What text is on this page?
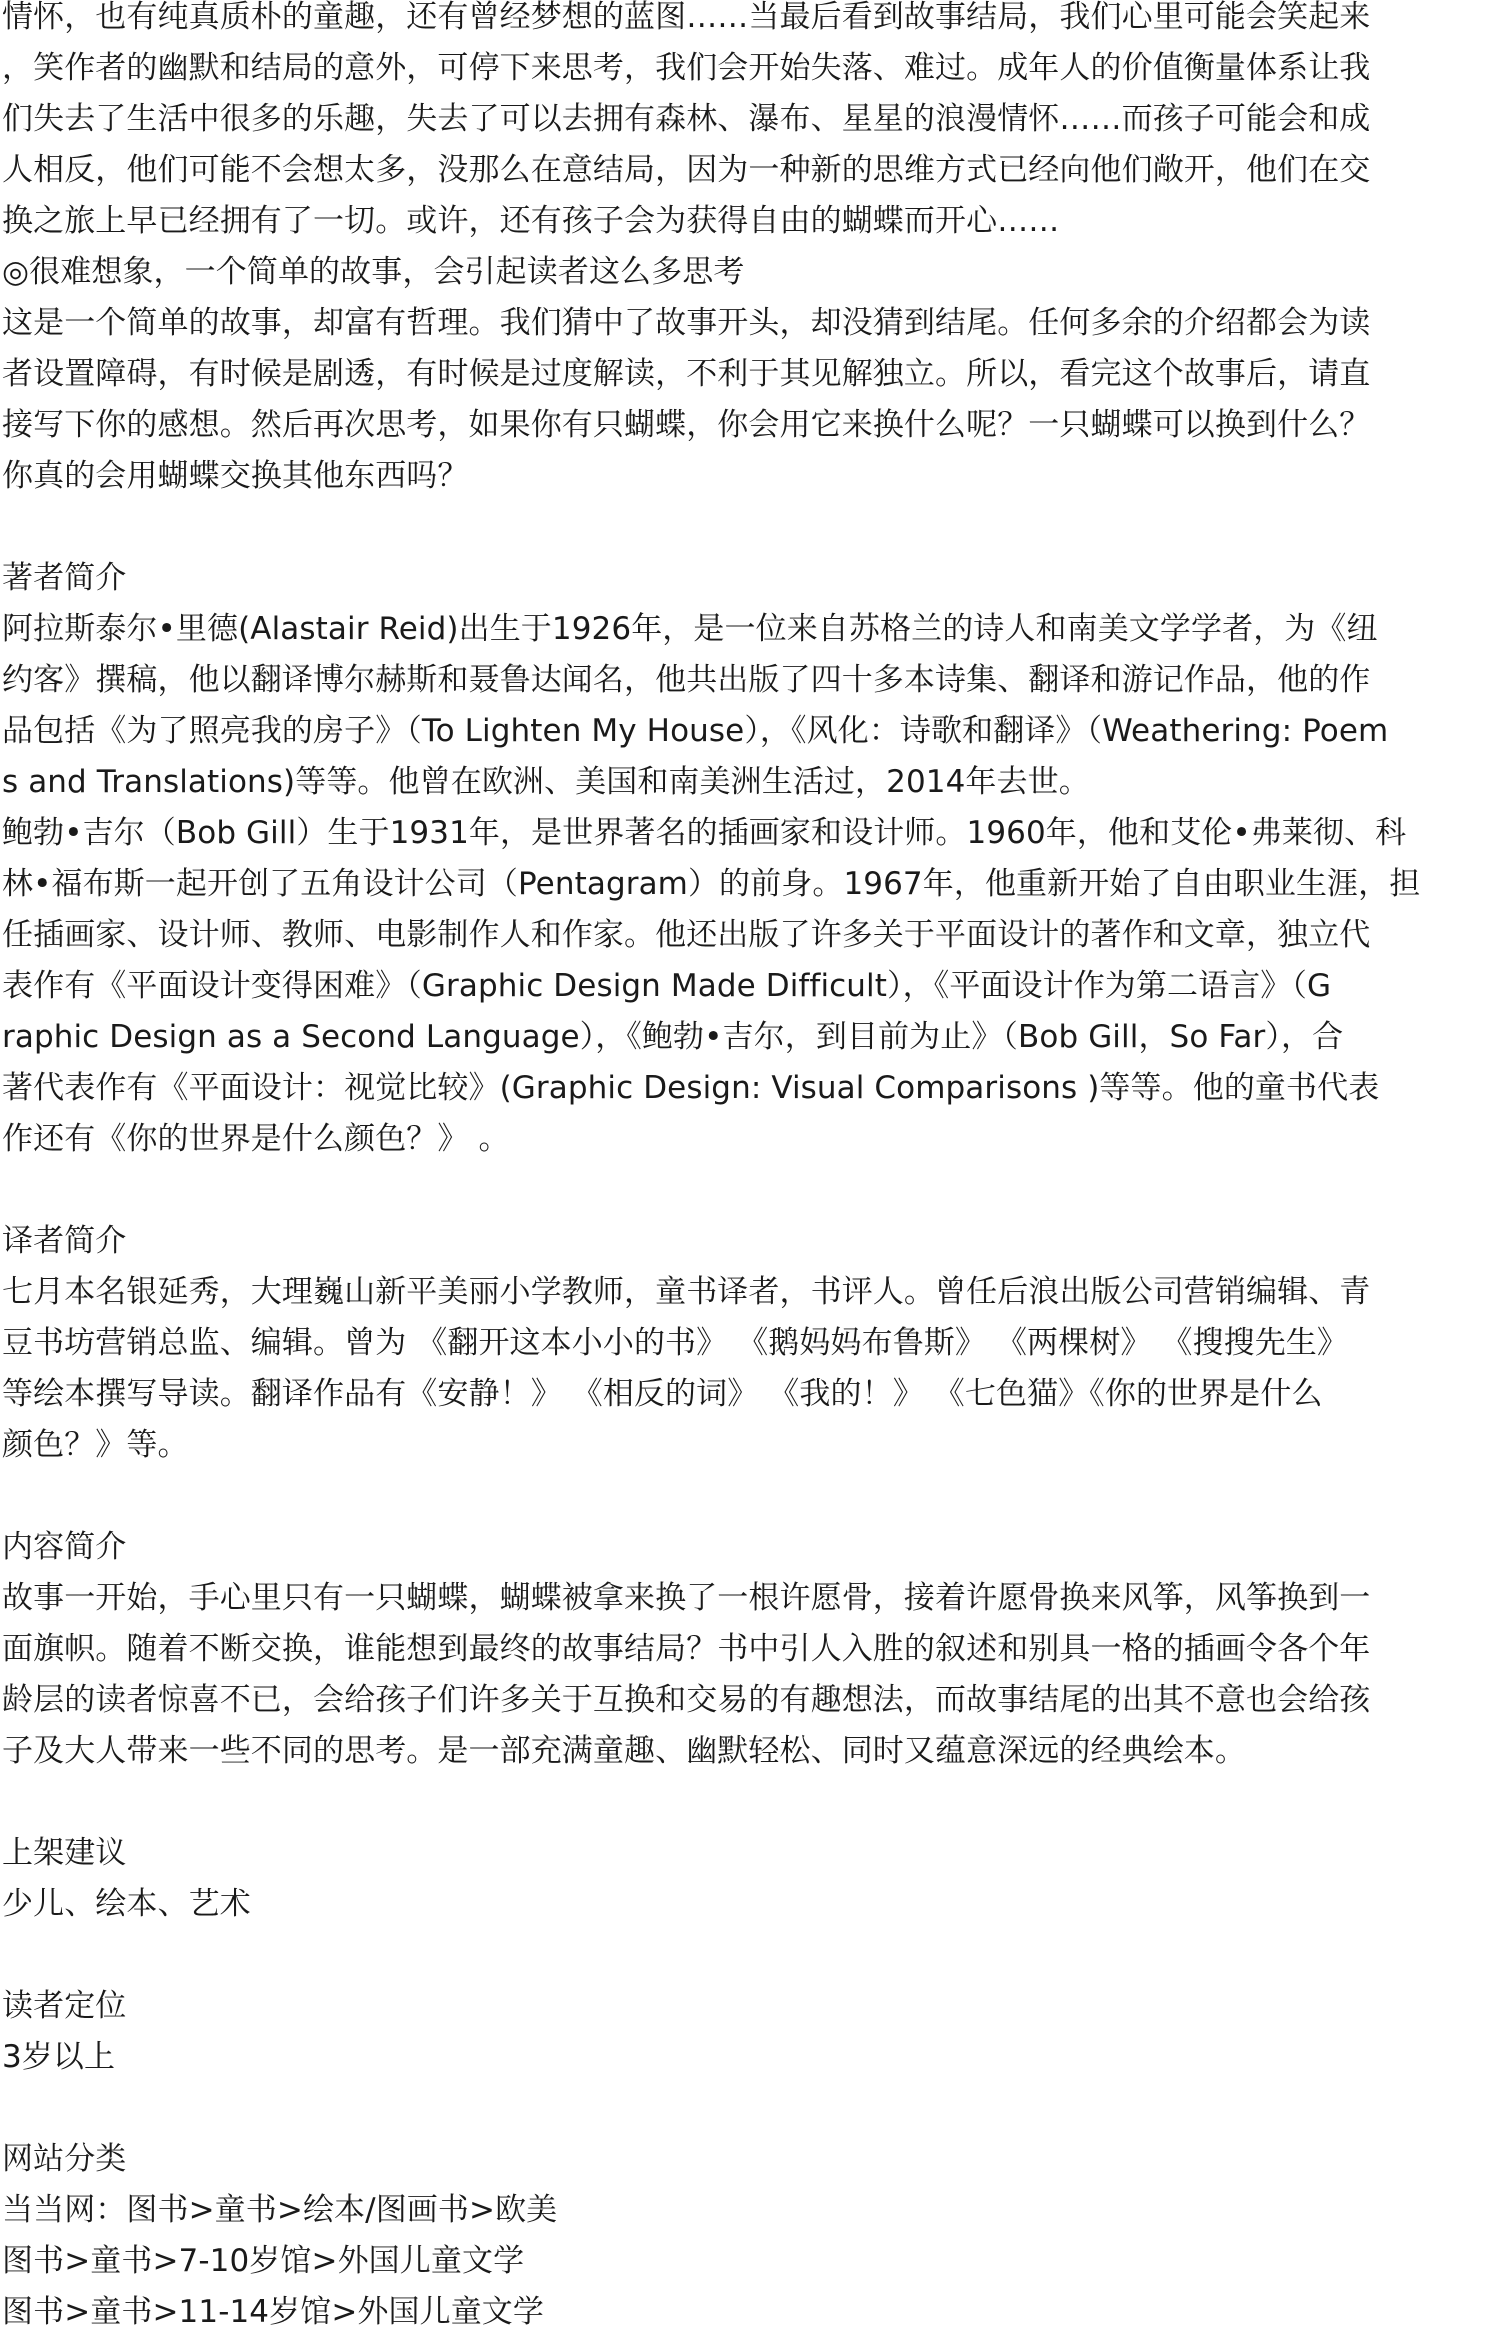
情怀，也有纯真质朴的童趣，还有曾经梦想的蓝图……当最后看到故事结局，我们心里可能会笑起来
，笑作者的幽默和结局的意外，可停下来思考，我们会开始失落、难过。成年人的价值衡量体系让我
们失去了生活中很多的乐趣，失去了可以去拥有森林、瀑布、星星的浪漫情怀……而孩子可能会和成
人相反，他们可能不会想太多，没那么在意结局，因为一种新的思维方式已经向他们敞开，他们在交
换之旅上早已经拥有了一切。或许，还有孩子会为获得自由的蝴蝶而开心……
◎很难想象，一个简单的故事，会引起读者这么多思考
这是一个简单的故事，却富有哲理。我们猜中了故事开头，却没猜到结尾。任何多余的介绍都会为读
者设置障碍，有时候是剧透，有时候是过度解读，不利于其见解独立。所以，看完这个故事后，请直
接写下你的感想。然后再次思考，如果你有只蝴蝶，你会用它来换什么呢？一只蝴蝶可以换到什么？
你真的会用蝴蝶交换其他东西吗？
著者简介
阿拉斯泰尔•里德(Alastair Reid)出生于1926年，是一位来自苏格兰的诗人和南美文学学者，为《纽
约客》撰稿，他以翻译博尔赫斯和聂鲁达闻名，他共出版了四十多本诗集、翻译和游记作品，他的作
品包括《为了照亮我的房子》（To Lighten My House），《风化：诗歌和翻译》（Weathering: Poem
s and Translations)等等。他曾在欧洲、美国和南美洲生活过，2014年去世。
鲍勃•吉尔（Bob Gill）生于1931年，是世界著名的插画家和设计师。1960年，他和艾伦•弗莱彻、科
林•福布斯一起开创了五角设计公司（Pentagram）的前身。1967年，他重新开始了自由职业生涯，担
任插画家、设计师、教师、电影制作人和作家。他还出版了许多关于平面设计的著作和文章，独立代
表作有《平面设计变得困难》（Graphic Design Made Difficult），《平面设计作为第二语言》（G
raphic Design as a Second Language），《鲍勃•吉尔，到目前为止》（Bob Gill，So Far），合
著代表作有《平面设计：视觉比较》(Graphic Design: Visual Comparisons )等等。他的童书代表
作还有《你的世界是什么颜色？》 。
译者简介
七月本名银延秀，大理巍山新平美丽小学教师，童书译者，书评人。曾任后浪出版公司营销编辑、青
豆书坊营销总监、编辑。曾为 《翻开这本小小的书》 《鹅妈妈布鲁斯》 《两棵树》 《搜搜先生》
等绘本撰写导读。翻译作品有《安静！》 《相反的词》 《我的！》 《七色猫》《你的世界是什么
颜色？》等。
内容简介
故事一开始，手心里只有一只蝴蝶，蝴蝶被拿来换了一根许愿骨，接着许愿骨换来风筝，风筝换到一
面旗帜。随着不断交换，谁能想到最终的故事结局？书中引人入胜的叙述和别具一格的插画令各个年
龄层的读者惊喜不已，会给孩子们许多关于互换和交易的有趣想法，而故事结尾的出其不意也会给孩
子及大人带来一些不同的思考。是一部充满童趣、幽默轻松、同时又蕴意深远的经典绘本。
上架建议
少儿、绘本、艺术
读者定位
3岁以上
网站分类
当当网：图书>童书>绘本/图画书>欧美
图书>童书>7-10岁馆>外国儿童文学
图书>童书>11-14岁馆>外国儿童文学
